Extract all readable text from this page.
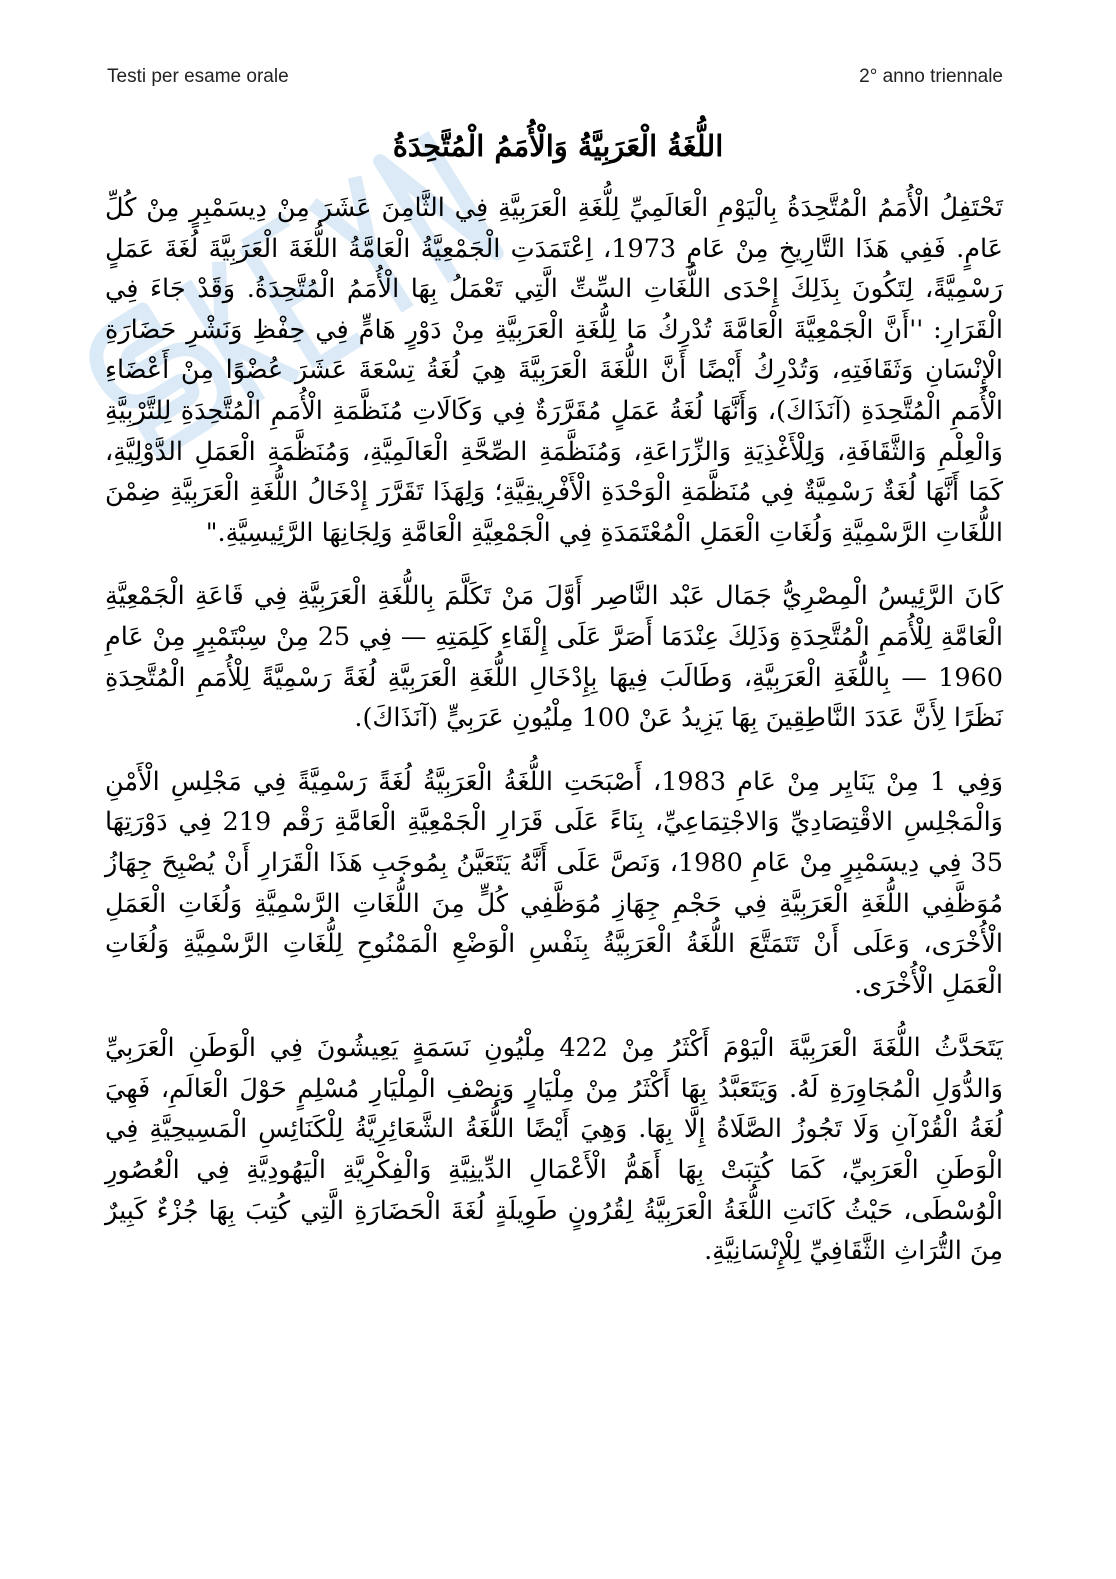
Testi per esame orale	2° anno triennale
اللُّغَةُ الْعَرَبِيَّةُ وَالْأُمَمُ الْمُتَّحِدَةُ

تَحْتَفِلُ الْأُمَمُ الْمُتَّحِدَةُ بِالْيَوْمِ الْعَالَمِيِّ لِلُّغَةِ الْعَرَبِيَّةِ فِي الثَّامِنَ عَشَرَ مِنْ دِيسَمْبِرٍ مِنْ كُلِّ عَامٍ. فَفِي هَذَا التَّارِيخِ مِنْ عَامِ 1973، اِعْتَمَدَتِ الْجَمْعِيَّةُ الْعَامَّةُ اللُّغَةَ الْعَرَبِيَّةَ لُغَةَ عَمَلٍ رَسْمِيَّةً، لِتَكُونَ بِذَلِكَ إِحْدَى اللُّغَاتِ السِّتِّ الَّتِي تَعْمَلُ بِهَا الْأُمَمُ الْمُتَّحِدَةُ. وَقَدْ جَاءَ فِي الْقَرَارِ: ''أَنَّ الْجَمْعِيَّةَ الْعَامَّةَ تُدْرِكُ مَا لِلُّغَةِ الْعَرَبِيَّةِ مِنْ دَوْرٍ هَامٍّ فِي حِفْظِ وَنَشْرِ حَضَارَةِ الْإِنْسَانِ وَثَقَافَتِهِ، وَتُدْرِكُ أَيْضًا أَنَّ اللُّغَةَ الْعَرَبِيَّةَ هِيَ لُغَةُ تِسْعَةَ عَشَرَ عُضْوًا مِنْ أَعْضَاءِ الْأُمَمِ الْمُتَّحِدَةِ (آنَذَاكَ)، وَأَنَّهَا لُغَةُ عَمَلٍ مُقَرَّرَةٌ فِي وَكَالَاتِ مُنَظَّمَةِ الْأُمَمِ الْمُتَّحِدَةِ لِلتَّرْبِيَّةِ وَالْعِلْمِ وَالثَّقَافَةِ، وَلِلْأَغْذِيَةِ وَالزِّرَاعَةِ، وَمُنَظَّمَةِ الصِّحَّةِ الْعَالَمِيَّةِ، وَمُنَظَّمَةِ الْعَمَلِ الدَّوْلِيَّةِ، كَمَا أَنَّهَا لُغَةٌ رَسْمِيَّةٌ فِي مُنَظَّمَةِ الْوَحْدَةِ الْأَفْرِيقِيَّةِ؛ وَلِهَذَا تَقَرَّرَ إِدْخَالُ اللُّغَةِ الْعَرَبِيَّةِ ضِمْنَ اللُّغَاتِ الرَّسْمِيَّةِ وَلُغَاتِ الْعَمَلِ الْمُعْتَمَدَةِ فِي الْجَمْعِيَّةِ الْعَامَّةِ وَلِجَانِهَا الرَّئِيسِيَّةِ."

كَانَ الرَّئِيسُ الْمِصْرِيُّ جَمَال عَبْد النَّاصِر أَوَّلَ مَنْ تَكَلَّمَ بِاللُّغَةِ الْعَرَبِيَّةِ فِي قَاعَةِ الْجَمْعِيَّةِ الْعَامَّةِ لِلْأُمَمِ الْمُتَّحِدَةِ وَذَلِكَ عِنْدَمَا أَصَرَّ عَلَى إِلْقَاءِ كَلِمَتِهِ — فِي 25 مِنْ سِبْتَمْبِرٍ مِنْ عَامِ 1960 — بِاللُّغَةِ الْعَرَبِيَّةِ، وَطَالَبَ فِيهَا بِإِدْخَالِ اللُّغَةِ الْعَرَبِيَّةِ لُغَةً رَسْمِيَّةً لِلْأُمَمِ الْمُتَّحِدَةِ نَظَرًا لِأَنَّ عَدَدَ النَّاطِقِينَ بِهَا يَزِيدُ عَنْ 100 مِلْيُونِ عَرَبِيٍّ (آنَذَاكَ).

وَفِي 1 مِنْ يَنَايِر مِنْ عَامِ 1983، أَصْبَحَتِ اللُّغَةُ الْعَرَبِيَّةُ لُغَةً رَسْمِيَّةً فِي مَجْلِسِ الْأَمْنِ وَالْمَجْلِسِ الاقْتِصَادِيِّ وَالاجْتِمَاعِيِّ، بِنَاءً عَلَى قَرَارِ الْجَمْعِيَّةِ الْعَامَّةِ رَقْم 219 فِي دَوْرَتِهَا 35 فِي دِيسَمْبِرٍ مِنْ عَامِ 1980، وَنَصَّ عَلَى أَنَّهُ يَتَعَيَّنُ بِمُوجَبِ هَذَا الْقَرَارِ أَنْ يُصْبِحَ جِهَازُ مُوَظَّفِي اللُّغَةِ الْعَرَبِيَّةِ فِي حَجْمِ جِهَازِ مُوَظَّفِي كُلٍّ مِنَ اللُّغَاتِ الرَّسْمِيَّةِ وَلُغَاتِ الْعَمَلِ الْأُخْرَى، وَعَلَى أَنْ تَتَمَتَّعَ اللُّغَةُ الْعَرَبِيَّةُ بِنَفْسِ الْوَضْعِ الْمَمْنُوحِ لِلُّغَاتِ الرَّسْمِيَّةِ وَلُغَاتِ الْعَمَلِ الْأُخْرَى.

يَتَحَدَّثُ اللُّغَةَ الْعَرَبِيَّةَ الْيَوْمَ أَكْثَرُ مِنْ 422 مِلْيُونِ نَسَمَةٍ يَعِيشُونَ فِي الْوَطَنِ الْعَرَبِيِّ وَالدُّوَلِ الْمُجَاوِرَةِ لَهُ. وَيَتَعَبَّدُ بِهَا أَكْثَرُ مِنْ مِلْيَارٍ وَنِصْفِ الْمِلْيَارِ مُسْلِمٍ حَوْلَ الْعَالَمِ، فَهِيَ لُغَةُ الْقُرْآنِ وَلَا تَجُوزُ الصَّلَاةُ إِلَّا بِهَا. وَهِيَ أَيْضًا اللُّغَةُ الشَّعَائِرِيَّةُ لِلْكَنَائِسِ الْمَسِيحِيَّةِ فِي الْوَطَنِ الْعَرَبِيِّ، كَمَا كُتِبَتْ بِهَا أَهَمُّ الْأَعْمَالِ الدِّينِيَّةِ وَالْفِكْرِيَّةِ الْيَهُودِيَّةِ فِي الْعُصُورِ الْوُسْطَى، حَيْثُ كَانَتِ اللُّغَةُ الْعَرَبِيَّةُ لِقُرُونٍ طَوِيلَةٍ لُغَةَ الْحَضَارَةِ الَّتِي كُتِبَ بِهَا جُزْءٌ كَبِيرٌ مِنَ التُّرَاثِ الثَّقَافِيِّ لِلْإِنْسَانِيَّةِ.
